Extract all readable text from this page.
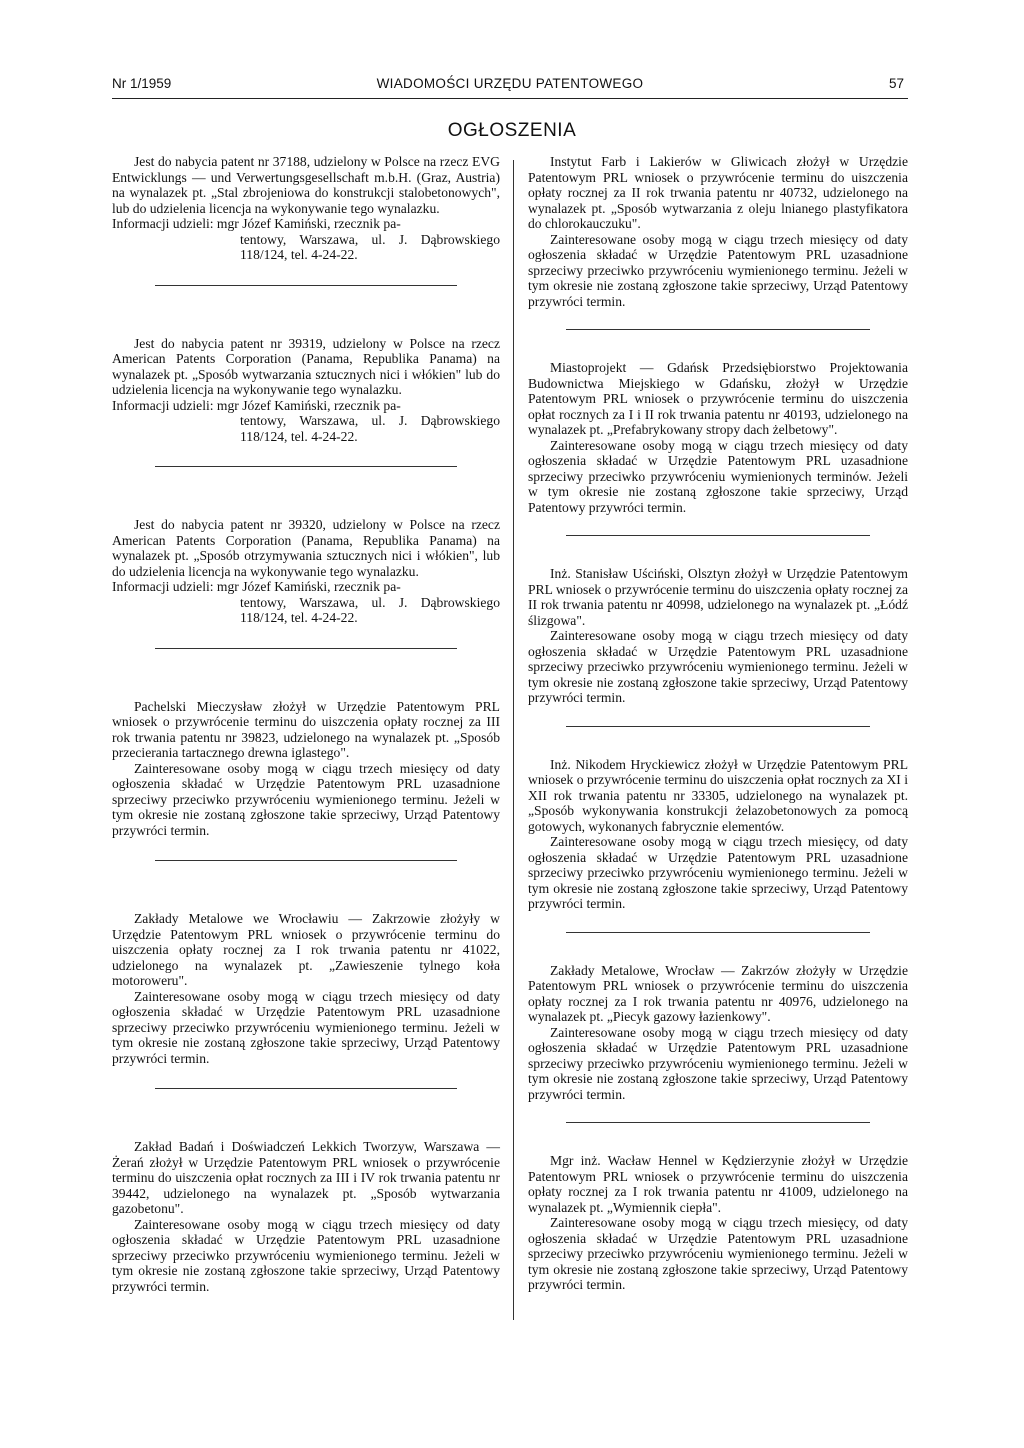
Nr 1/1959	WIADOMOŚCI URZĘDU PATENTOWEGO	57
OGŁOSZENIA

Jest do nabycia patent nr 37188, udzielony w Polsce na rzecz EVG Entwicklungs — und Verwertungsgesellschaft m.b.H. (Graz, Austria) na wynalazek pt. „Stal zbrojeniowa do konstrukcji stalobetonowych", lub do udzielenia licencja na wykonywanie tego wynalazku.

Informacji udzieli: mgr Józef Kamiński, rzecznik pa-

tentowy, Warszawa, ul. J. Dąbrowskiego 118/124, tel. 4-24-22.

Jest do nabycia patent nr 39319, udzielony w Polsce na rzecz American Patents Corporation (Panama, Republika Panama) na wynalazek pt. „Sposób wytwarzania sztucznych nici i włókien" lub do udzielenia licencja na wykonywanie tego wynalazku.

Informacji udzieli: mgr Józef Kamiński, rzecznik pa-

tentowy, Warszawa, ul. J. Dąbrowskiego 118/124, tel. 4-24-22.

Jest do nabycia patent nr 39320, udzielony w Polsce na rzecz American Patents Corporation (Panama, Republika Panama) na wynalazek pt. „Sposób otrzymywania sztucznych nici i włókien", lub do udzielenia licencja na wykonywanie tego wynalazku.

Informacji udzieli: mgr Józef Kamiński, rzecznik pa-

tentowy, Warszawa, ul. J. Dąbrowskiego 118/124, tel. 4-24-22.

Pachelski Mieczysław złożył w Urzędzie Patentowym PRL wniosek o przywrócenie terminu do uiszczenia opłaty rocznej za III rok trwania patentu nr 39823, udzielonego na wynalazek pt. „Sposób przecierania tartacznego drewna iglastego".

Zainteresowane osoby mogą w ciągu trzech miesięcy od daty ogłoszenia składać w Urzędzie Patentowym PRL uzasadnione sprzeciwy przeciwko przywróceniu wymienionego terminu. Jeżeli w tym okresie nie zostaną zgłoszone takie sprzeciwy, Urząd Patentowy przywróci termin.

Zakłady Metalowe we Wrocławiu — Zakrzowie złożyły w Urzędzie Patentowym PRL wniosek o przywrócenie terminu do uiszczenia opłaty rocznej za I rok trwania patentu nr 41022, udzielonego na wynalazek pt. „Zawieszenie tylnego koła motoroweru".

Zainteresowane osoby mogą w ciągu trzech miesięcy od daty ogłoszenia składać w Urzędzie Patentowym PRL uzasadnione sprzeciwy przeciwko przywróceniu wymienionego terminu. Jeżeli w tym okresie nie zostaną zgłoszone takie sprzeciwy, Urząd Patentowy przywróci termin.

Zakład Badań i Doświadczeń Lekkich Tworzyw, Warszawa — Żerań złożył w Urzędzie Patentowym PRL wniosek o przywrócenie terminu do uiszczenia opłat rocznych za III i IV rok trwania patentu nr 39442, udzielonego na wynalazek pt. „Sposób wytwarzania gazobetonu".

Zainteresowane osoby mogą w ciągu trzech miesięcy od daty ogłoszenia składać w Urzędzie Patentowym PRL uzasadnione sprzeciwy przeciwko przywróceniu wymienionego terminu. Jeżeli w tym okresie nie zostaną zgłoszone takie sprzeciwy, Urząd Patentowy przywróci termin.

Instytut Farb i Lakierów w Gliwicach złożył w Urzędzie Patentowym PRL wniosek o przywrócenie terminu do uiszczenia opłaty rocznej za II rok trwania patentu nr 40732, udzielonego na wynalazek pt. „Sposób wytwarzania z oleju lnianego plastyfikatora do chlorokauczuku".

Zainteresowane osoby mogą w ciągu trzech miesięcy od daty ogłoszenia składać w Urzędzie Patentowym PRL uzasadnione sprzeciwy przeciwko przywróceniu wymienionego terminu. Jeżeli w tym okresie nie zostaną zgłoszone takie sprzeciwy, Urząd Patentowy przywróci termin.

Miastoprojekt — Gdańsk Przedsiębiorstwo Projektowania Budownictwa Miejskiego w Gdańsku, złożył w Urzędzie Patentowym PRL wniosek o przywrócenie terminu do uiszczenia opłat rocznych za I i II rok trwania patentu nr 40193, udzielonego na wynalazek pt. „Prefabrykowany stropy dach żelbetowy".

Zainteresowane osoby mogą w ciągu trzech miesięcy od daty ogłoszenia składać w Urzędzie Patentowym PRL uzasadnione sprzeciwy przeciwko przywróceniu wymienionych terminów. Jeżeli w tym okresie nie zostaną zgłoszone takie sprzeciwy, Urząd Patentowy przywróci termin.

Inż. Stanisław Uściński, Olsztyn złożył w Urzędzie Patentowym PRL wniosek o przywrócenie terminu do uiszczenia opłaty rocznej za II rok trwania patentu nr 40998, udzielonego na wynalazek pt. „Łódź ślizgowa".

Zainteresowane osoby mogą w ciągu trzech miesięcy od daty ogłoszenia składać w Urzędzie Patentowym PRL uzasadnione sprzeciwy przeciwko przywróceniu wymienionego terminu. Jeżeli w tym okresie nie zostaną zgłoszone takie sprzeciwy, Urząd Patentowy przywróci termin.

Inż. Nikodem Hryckiewicz złożył w Urzędzie Patentowym PRL wniosek o przywrócenie terminu do uiszczenia opłat rocznych za XI i XII rok trwania patentu nr 33305, udzielonego na wynalazek pt. „Sposób wykonywania konstrukcji żelazobetonowych za pomocą gotowych, wykonanych fabrycznie elementów.

Zainteresowane osoby mogą w ciągu trzech miesięcy, od daty ogłoszenia składać w Urzędzie Patentowym PRL uzasadnione sprzeciwy przeciwko przywróceniu wymienionego terminu. Jeżeli w tym okresie nie zostaną zgłoszone takie sprzeciwy, Urząd Patentowy przywróci termin.

Zakłady Metalowe, Wrocław — Zakrzów złożyły w Urzędzie Patentowym PRL wniosek o przywrócenie terminu do uiszczenia opłaty rocznej za I rok trwania patentu nr 40976, udzielonego na wynalazek pt. „Piecyk gazowy łazienkowy".

Zainteresowane osoby mogą w ciągu trzech miesięcy od daty ogłoszenia składać w Urzędzie Patentowym PRL uzasadnione sprzeciwy przeciwko przywróceniu wymienionego terminu. Jeżeli w tym okresie nie zostaną zgłoszone takie sprzeciwy, Urząd Patentowy przywróci termin.

Mgr inż. Wacław Hennel w Kędzierzynie złożył w Urzędzie Patentowym PRL wniosek o przywrócenie terminu do uiszczenia opłaty rocznej za I rok trwania patentu nr 41009, udzielonego na wynalazek pt. „Wymiennik ciepła".

Zainteresowane osoby mogą w ciągu trzech miesięcy, od daty ogłoszenia składać w Urzędzie Patentowym PRL uzasadnione sprzeciwy przeciwko przywróceniu wymienionego terminu. Jeżeli w tym okresie nie zostaną zgłoszone takie sprzeciwy, Urząd Patentowy przywróci termin.
